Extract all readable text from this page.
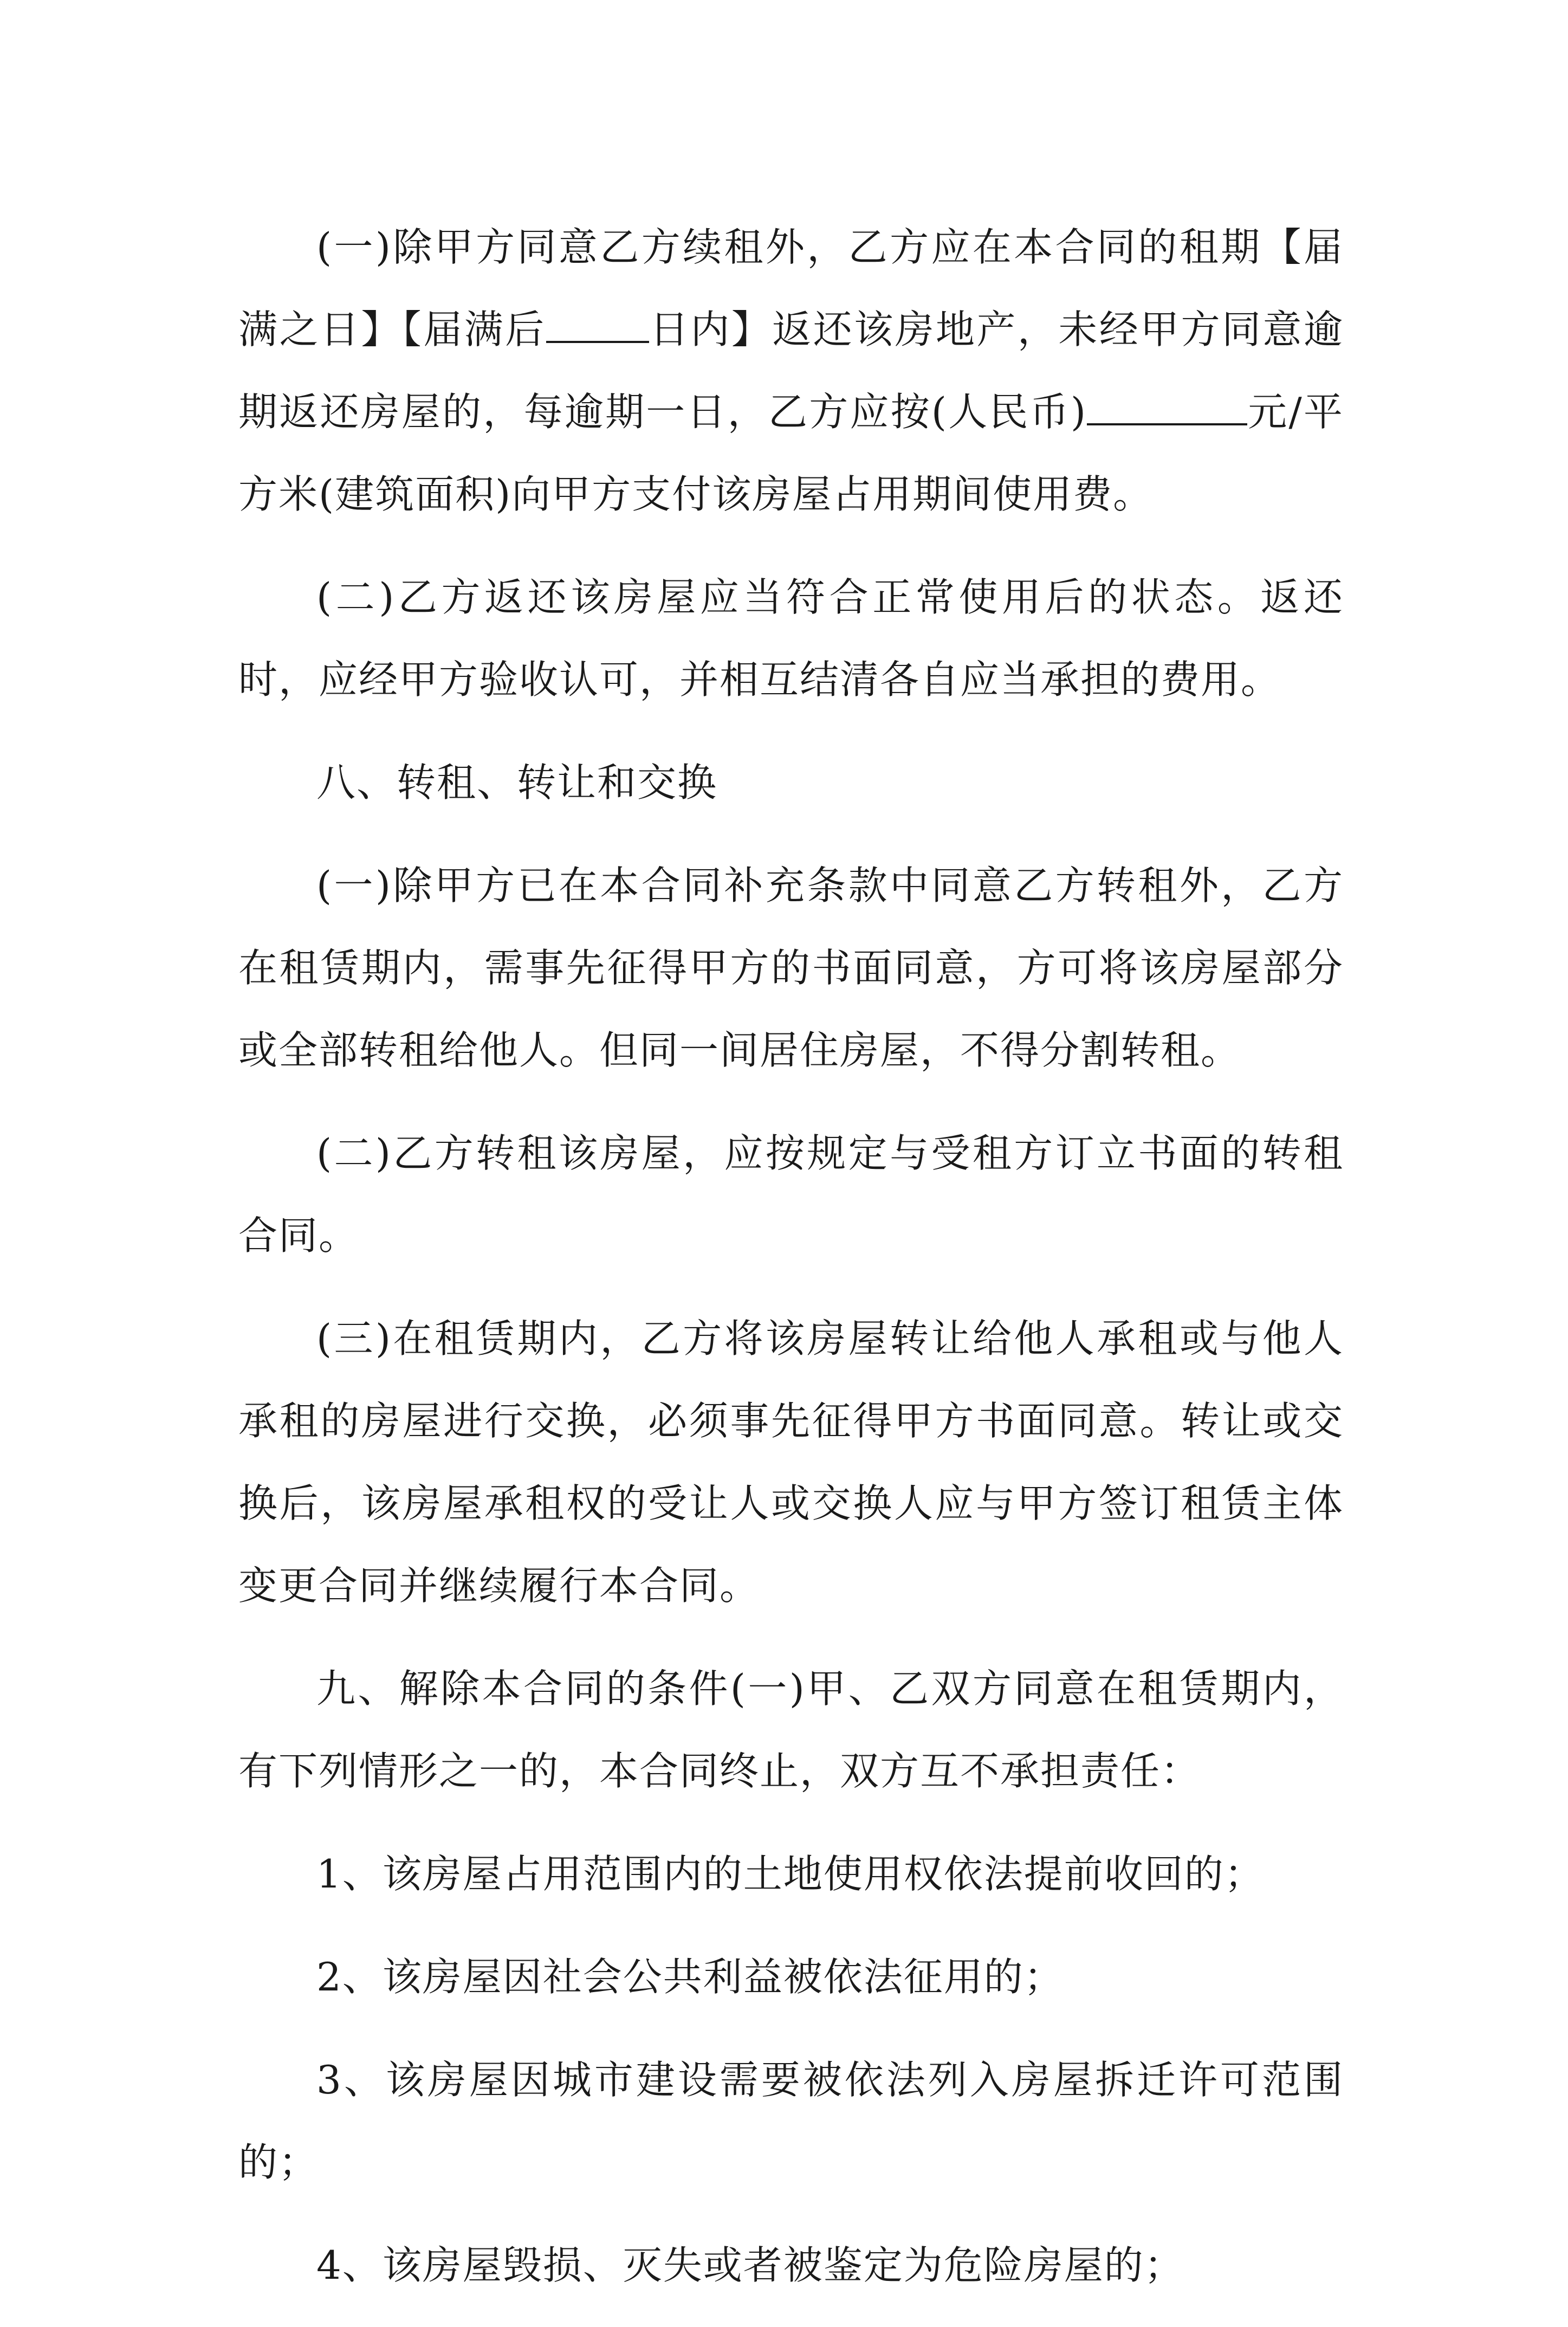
(一)除甲方同意乙方续租外，乙方应在本合同的租期【届满之日】【届满后	日内】返还该房地产，未经甲方同意逾期返还房屋的，每逾期一日，乙方应按(人民币)	元/平方米(建筑面积)向甲方支付该房屋占用期间使用费。

(二)乙方返还该房屋应当符合正常使用后的状态。返还时，应经甲方验收认可，并相互结清各自应当承担的费用。

八、转租、转让和交换

(一)除甲方已在本合同补充条款中同意乙方转租外，乙方在租赁期内，需事先征得甲方的书面同意，方可将该房屋部分或全部转租给他人。但同一间居住房屋，不得分割转租。

(二)乙方转租该房屋，应按规定与受租方订立书面的转租合同。

(三)在租赁期内，乙方将该房屋转让给他人承租或与他人承租的房屋进行交换，必须事先征得甲方书面同意。转让或交换后，该房屋承租权的受让人或交换人应与甲方签订租赁主体变更合同并继续履行本合同。

九、解除本合同的条件(一)甲、乙双方同意在租赁期内，有下列情形之一的，本合同终止，双方互不承担责任：

1、该房屋占用范围内的土地使用权依法提前收回的；

2、该房屋因社会公共利益被依法征用的；

3、该房屋因城市建设需要被依法列入房屋拆迁许可范围的；

4、该房屋毁损、灭失或者被鉴定为危险房屋的；
